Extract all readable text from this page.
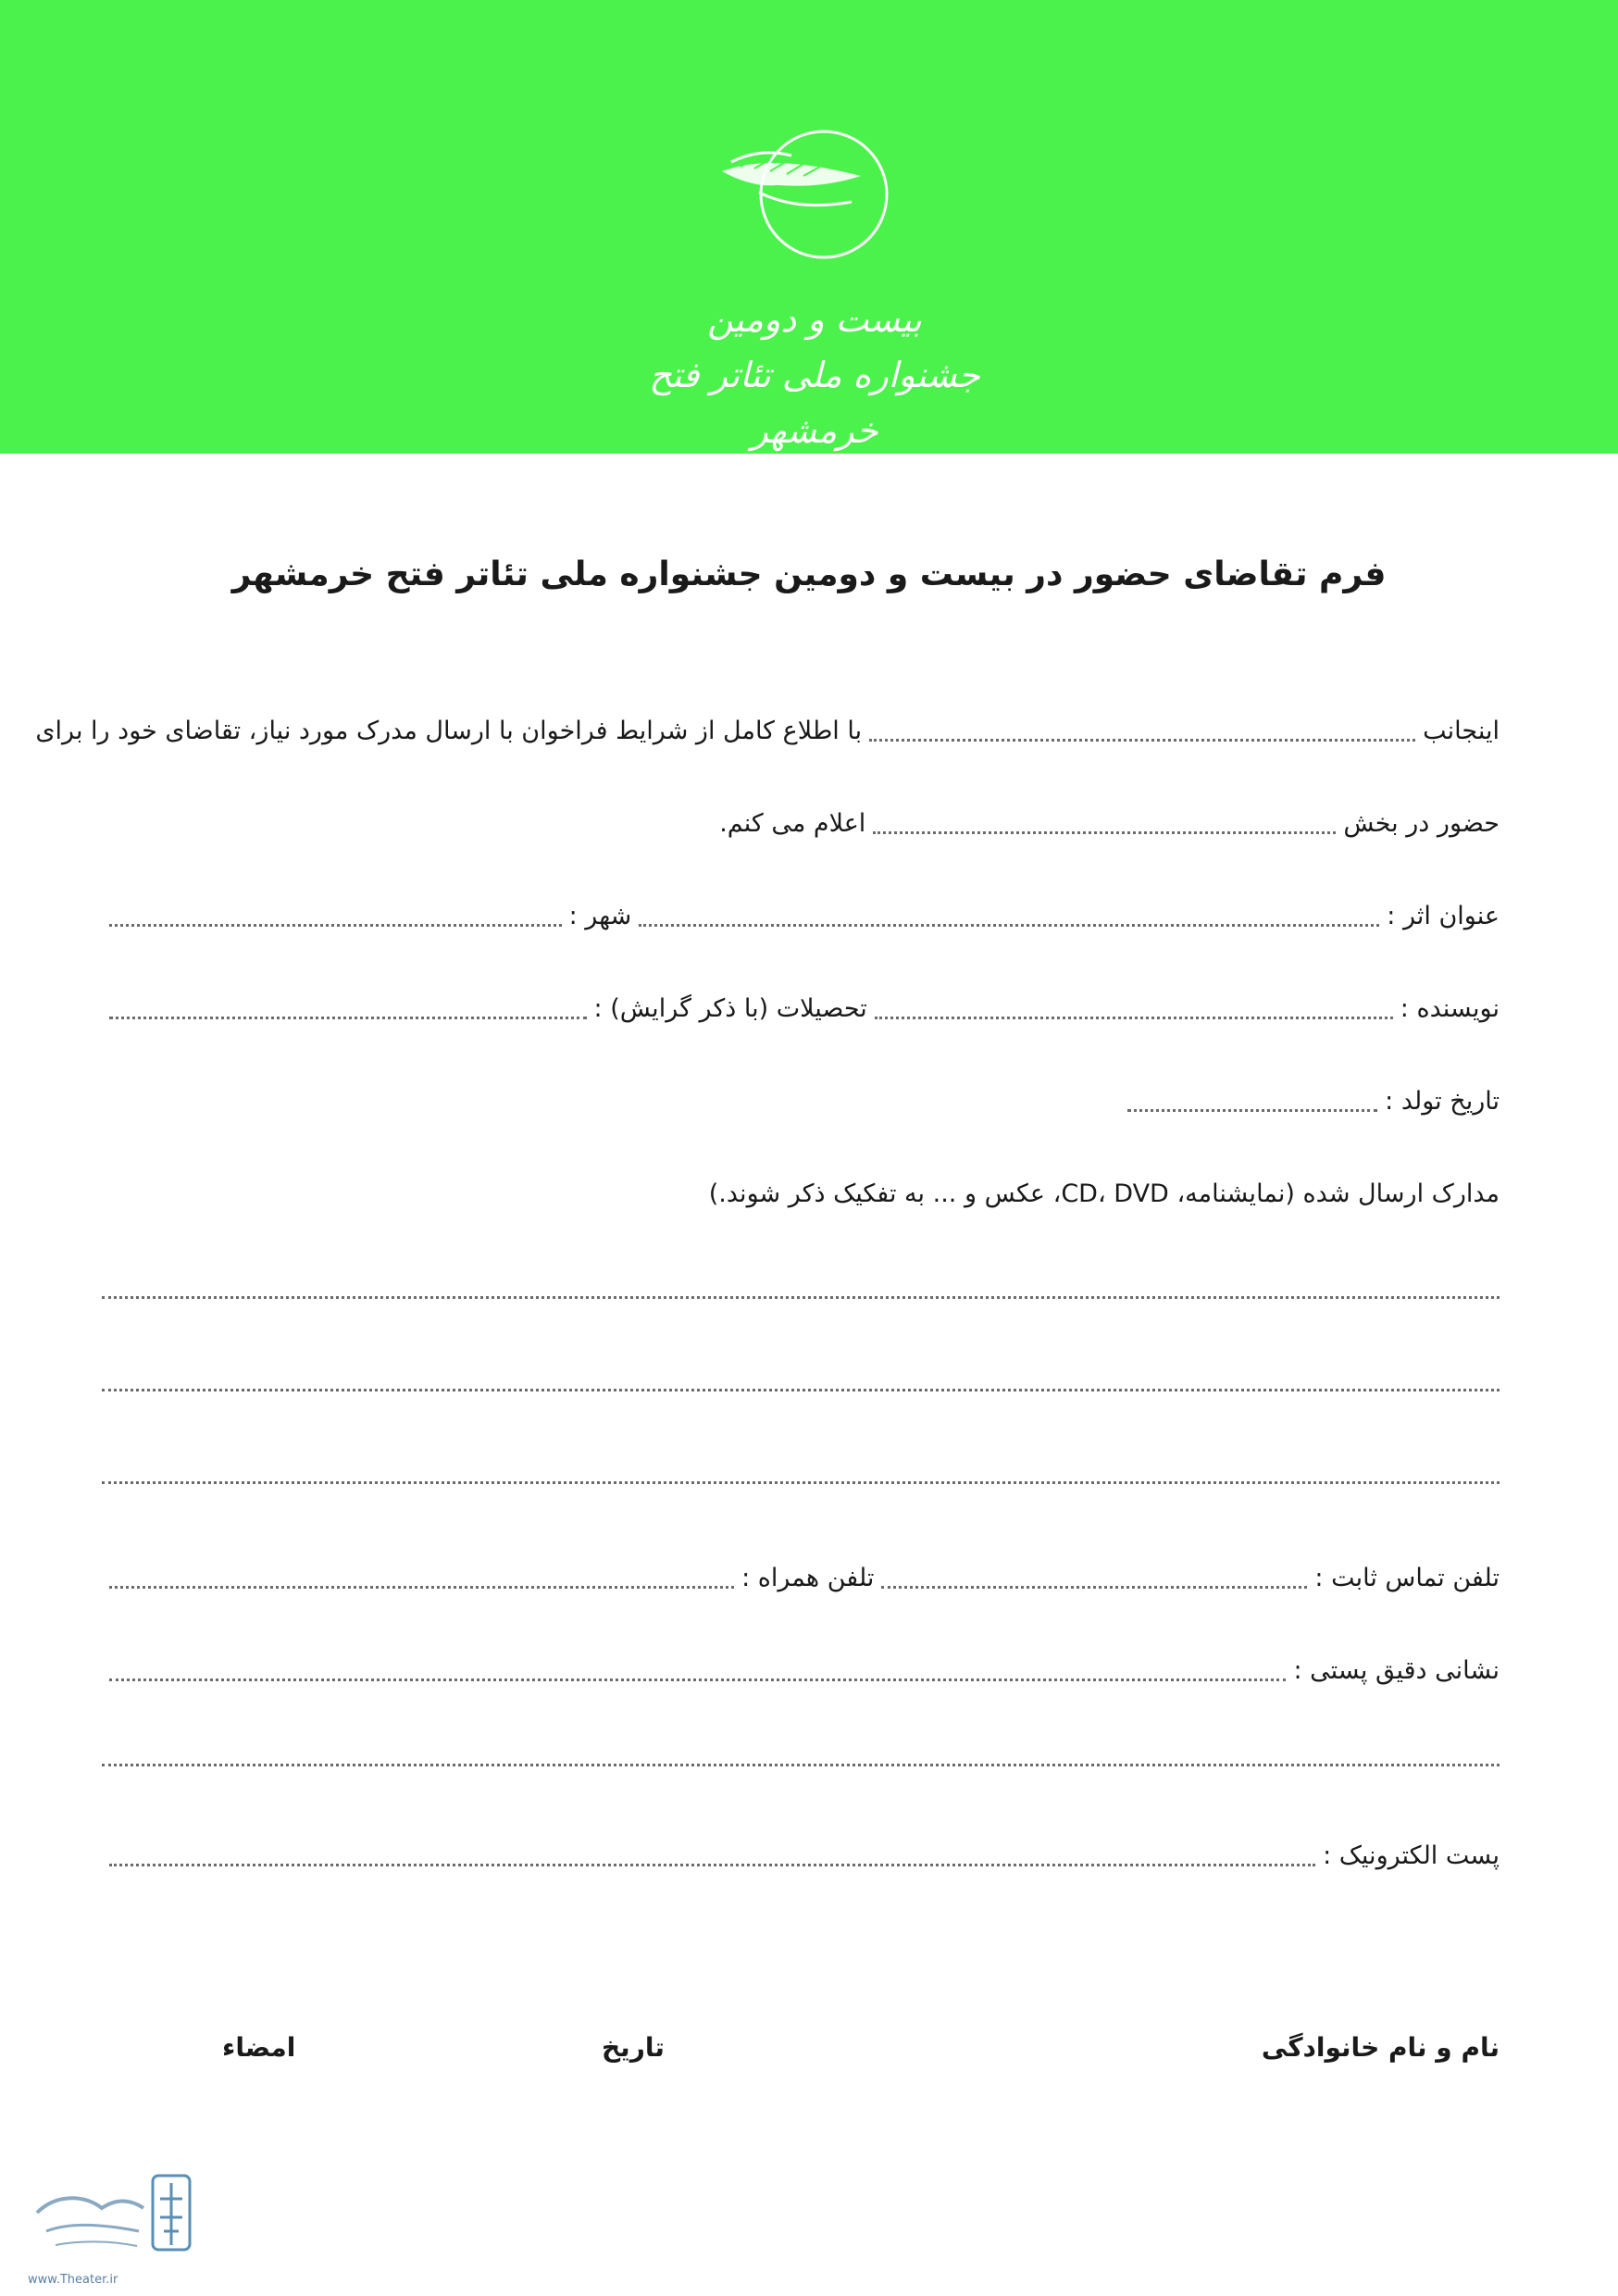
بیست و دومین جشنواره ملی تئاتر فتح خرمشهر
فرم تقاضای حضور در بیست و دومین جشنواره ملی تئاتر فتح خرمشهر
اینجانب
با اطلاع کامل از شرایط فراخوان با ارسال مدرک مورد نیاز، تقاضای خود را برای
حضور در بخش
اعلام می کنم.
عنوان اثر :
شهر :
نویسنده :
تحصیلات (با ذکر گرایش) :
تاریخ تولد :
مدارک ارسال شده (نمایشنامه، CD، DVD، عکس و ... به تفکیک ذکر شوند.)
تلفن تماس ثابت :
تلفن همراه :
نشانی دقیق پستی :
پست الکترونیک :
نام و نام خانوادگی
تاریخ
امضاء
www.Theater.ir
